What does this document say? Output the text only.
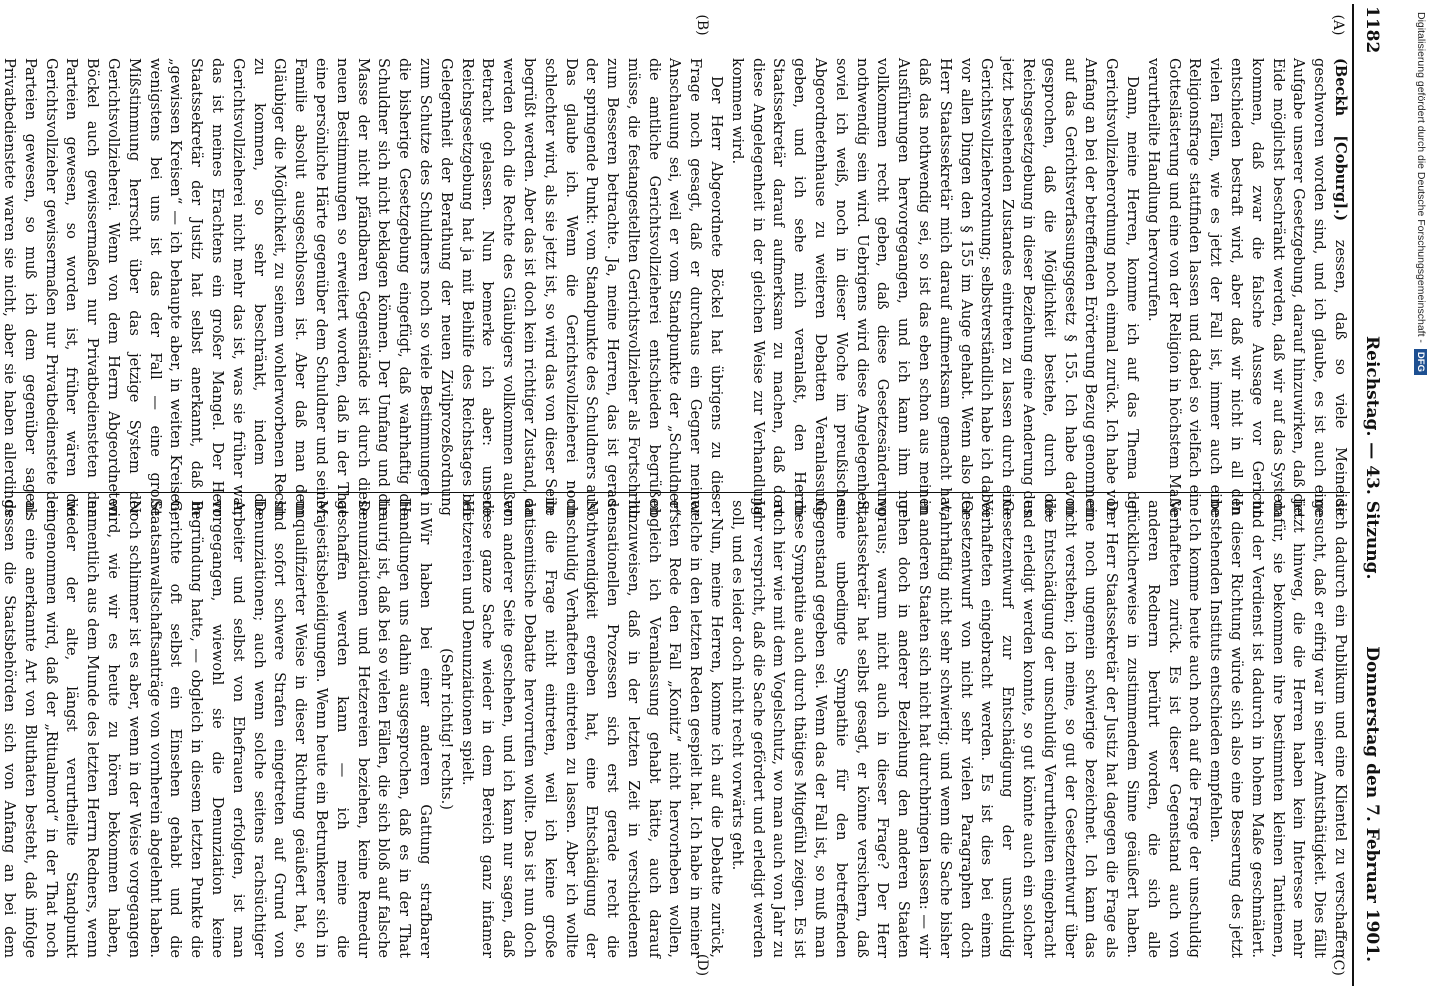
1182
Reichstag. — 43. Sitzung.
Donnerstag den 7. Februar 1901.
(A)
(B)
(C)
(D)

(Beckh [Coburg].) zessen, daß so viele Meineide geschworen worden sind, und ich glaube, es ist auch eine Aufgabe unserer Gesetzgebung, darauf hinzuwirken, daß die Eide möglichst beschränkt werden, daß wir auf das System kommen, daß zwar die falsche Aussage vor Gericht entschieden bestraft wird, aber daß wir nicht in all den vielen Fällen, wie es jetzt der Fall ist, immer auch eine Religionsfrage stattfinden lassen und dabei so vielfach eine Gotteslästerung und eine von der Religion in höchstem Maße verurtheilte Handlung hervorrufen.

Dann, meine Herren, komme ich auf das Thema der Gerichtsvollzieherordnung noch einmal zurück. Ich habe von Anfang an bei der betreffenden Erörterung Bezug genommen auf das Gerichtsverfassungsgesetz § 155. Ich habe davon gesprochen, daß die Möglichkeit bestehe, durch die Reichsgesetzgebung in dieser Beziehung eine Aenderung des jetzt bestehenden Zustandes eintreten zu lassen durch eine Gerichtsvollzieherordnung; selbstverständlich habe ich dabei vor allen Dingen den § 155 im Auge gehabt. Wenn also der Herr Staatssekretär mich darauf aufmerksam gemacht hat, daß das nothwendig sei, so ist das eben schon aus meinen Ausführungen hervorgegangen, und ich kann ihm nur vollkommen recht geben, daß diese Gesetzesänderung nothwendig sein wird. Uebrigens wird diese Angelegenheit, soviel ich weiß, noch in dieser Woche im preußischen Abgeordnetenhause zu weiteren Debatten Veranlassung geben, und ich sehe mich veranlaßt, den Herrn Staatssekretär darauf aufmerksam zu machen, daß dort diese Angelegenheit in der gleichen Weise zur Verhandlung kommen wird.

Der Herr Abgeordnete Böckel hat übrigens zu dieser Frage noch gesagt, daß er durchaus ein Gegner meiner Anschauung sei, weil er vom Standpunkte der „Schuldner“ die amtliche Gerichtsvollzieherei entschieden begrüßen müsse, die festangestellten Gerichtsvollzieher als Fortschritt zum Besseren betrachte. Ja, meine Herren, das ist gerade der springende Punkt: vom Standpunkte des Schuldners aus! Das glaube ich. Wenn die Gerichtsvollzieherei noch schlechter wird, als sie jetzt ist, so wird das von dieser Seite begrüßt werden. Aber das ist doch kein richtiger Zustand, da werden doch die Rechte des Gläubigers vollkommen außer Betracht gelassen. Nun bemerke ich aber: unsere Reichsgesetzgebung hat ja mit Beihilfe des Reichstages bei Gelegenheit der Berathung der neuen Zivilprozeßordnung zum Schutze des Schuldners noch so viele Bestimmungen in die bisherige Gesetzgebung eingefügt, daß wahrhaftig die Schuldner sich nicht beklagen können. Der Umfang und die Masse der nicht pfändbaren Gegenstände ist durch diese neuen Bestimmungen so erweitert worden, daß in der That eine persönliche Härte gegenüber dem Schuldner und seiner Familie absolut ausgeschlossen ist. Aber daß man dem Gläubiger die Möglichkeit, zu seinem wohlerworbenen Recht zu kommen, so sehr beschränkt, indem die Gerichtsvollzieherei nicht mehr das ist, was sie früher war, das ist meines Erachtens ein großer Mangel. Der Herr Staatssekretär der Justiz hat selbst anerkannt, daß in „gewissen Kreisen“ — ich behaupte aber, in weiten Kreisen, wenigstens bei uns ist das der Fall — eine große Mißstimmung herrscht über das jetzige System der Gerichtsvollzieherei. Wenn von dem Herrn Abgeordneten Böckel auch gewissermaßen nur Privatbediensteten der Parteien gewesen, so worden ist, früher wären die Gerichtsvollzieher gewissermaßen nur Privatbedienstete der Parteien gewesen, so muß ich dem gegenüber sagen: Privatbedienstete waren sie nicht, aber sie haben allerdings

sich dadurch ein Publikum und eine Klientel zu verschaffen gesucht, daß er eifrig war in seiner Amtsthätigkeit. Dies fällt jetzt hinweg, die die Herren haben kein Interesse mehr dafür, sie bekommen ihre bestimmten kleinen Tantiemen, und der Verdienst ist dadurch in hohem Maße geschmälert. In dieser Richtung würde sich also eine Besserung des jetzt bestehenden Instituts entschieden empfehlen.

Ich komme heute auch noch auf die Frage der unschuldig Verhafteten zurück. Es ist dieser Gegenstand auch von anderen Rednern berührt worden, die sich alle glücklicherweise in zustimmendem Sinne geäußert haben. Der Herr Staatssekretär der Justiz hat dagegen die Frage als eine noch ungemein schwierige bezeichnet. Ich kann das nicht verstehen; ich meine, so gut der Gesetzentwurf über die Entschädigung der unschuldig Verurtheilten eingebracht und erledigt werden konnte, so gut könnte auch ein solcher Gesetzentwurf zur Entschädigung der unschuldig Verhafteten eingebracht werden. Es ist dies bei einem Gesetzentwurf von nicht sehr vielen Paragraphen doch wahrhaftig nicht sehr schwierig; und wenn die Sache bisher in anderen Staaten sich nicht hat durchbringen lassen: — wir gehen doch in anderer Beziehung den anderen Staaten voraus; warum nicht auch in dieser Frage? Der Herr Staatssekretär hat selbst gesagt, er könne versichern, daß seine unbedingte Sympathie für den betreffenden Gegenstand gegeben sei. Wenn das der Fall ist, so muß man diese Sympathie auch durch thätiges Mitgefühl zeigen. Es ist auch hier wie mit dem Vogelschutz, wo man auch von Jahr zu Jahr verspricht, daß die Sache gefördert und erledigt werden soll, und es leider doch nicht recht vorwärts geht.

Nun, meine Herren, komme ich auf die Debatte zurück, welche in den letzten Reden gespielt hat. Ich habe in meiner ersten Rede den Fall „Konitz“ nicht hervorheben wollen, obgleich ich Veranlassung gehabt hätte, auch darauf hinzuweisen, daß in der letzten Zeit in verschiedenen sensationellen Prozessen sich erst gerade recht die Nothwendigkeit ergeben hat, eine Entschädigung der unschuldig Verhafteten eintreten zu lassen. Aber ich wollte in die Frage nicht eintreten, weil ich keine große antisemitische Debatte hervorrufen wollte. Das ist nun doch von anderer Seite geschehen, und ich kann nur sagen, daß diese ganze Sache wieder in dem Bereich ganz infamer Hetzereien und Denunziationen spielt.

(Sehr richtig! rechts.)

Wir haben bei einer anderen Gattung strafbarer Handlungen uns dahin ausgesprochen, daß es in der That traurig ist, daß bei so vielen Fällen, die sich bloß auf falsche Denunziationen und Hetzereien beziehen, keine Remedur geschaffen werden kann — ich meine die Majestätsbeleidigungen. Wenn heute ein Betrunkener sich in unqualifizierter Weise in dieser Richtung geäußert hat, so sind sofort schwere Strafen eingetreten auf Grund von Denunziationen; auch wenn solche seitens rachsüchtiger Arbeiter und selbst von Ehefrauen erfolgten, ist man vorgegangen, wiewohl sie die Denunziation keine Begründung hatte, — obgleich in diesem letzten Punkte die Gerichte oft selbst ein Einsehen gehabt und die Staatsanwaltschaftsanträge von vornherein abgelehnt haben. Noch schlimmer ist es aber, wenn in der Weise vorgegangen wird, wie wir es heute zu hören bekommen haben, namentlich aus dem Munde des letzten Herrn Redners, wenn wieder der alte, längst verurtheilte Standpunkt eingenommen wird, daß der „Ritualmord“ in der That noch als eine anerkannte Art von Bluthaten besteht, daß infolge dessen die Staatsbehörden sich von Anfang an bei dem

Digitalisierung gefördert durch die Deutsche Forschungsgemeinschaft -DFG
